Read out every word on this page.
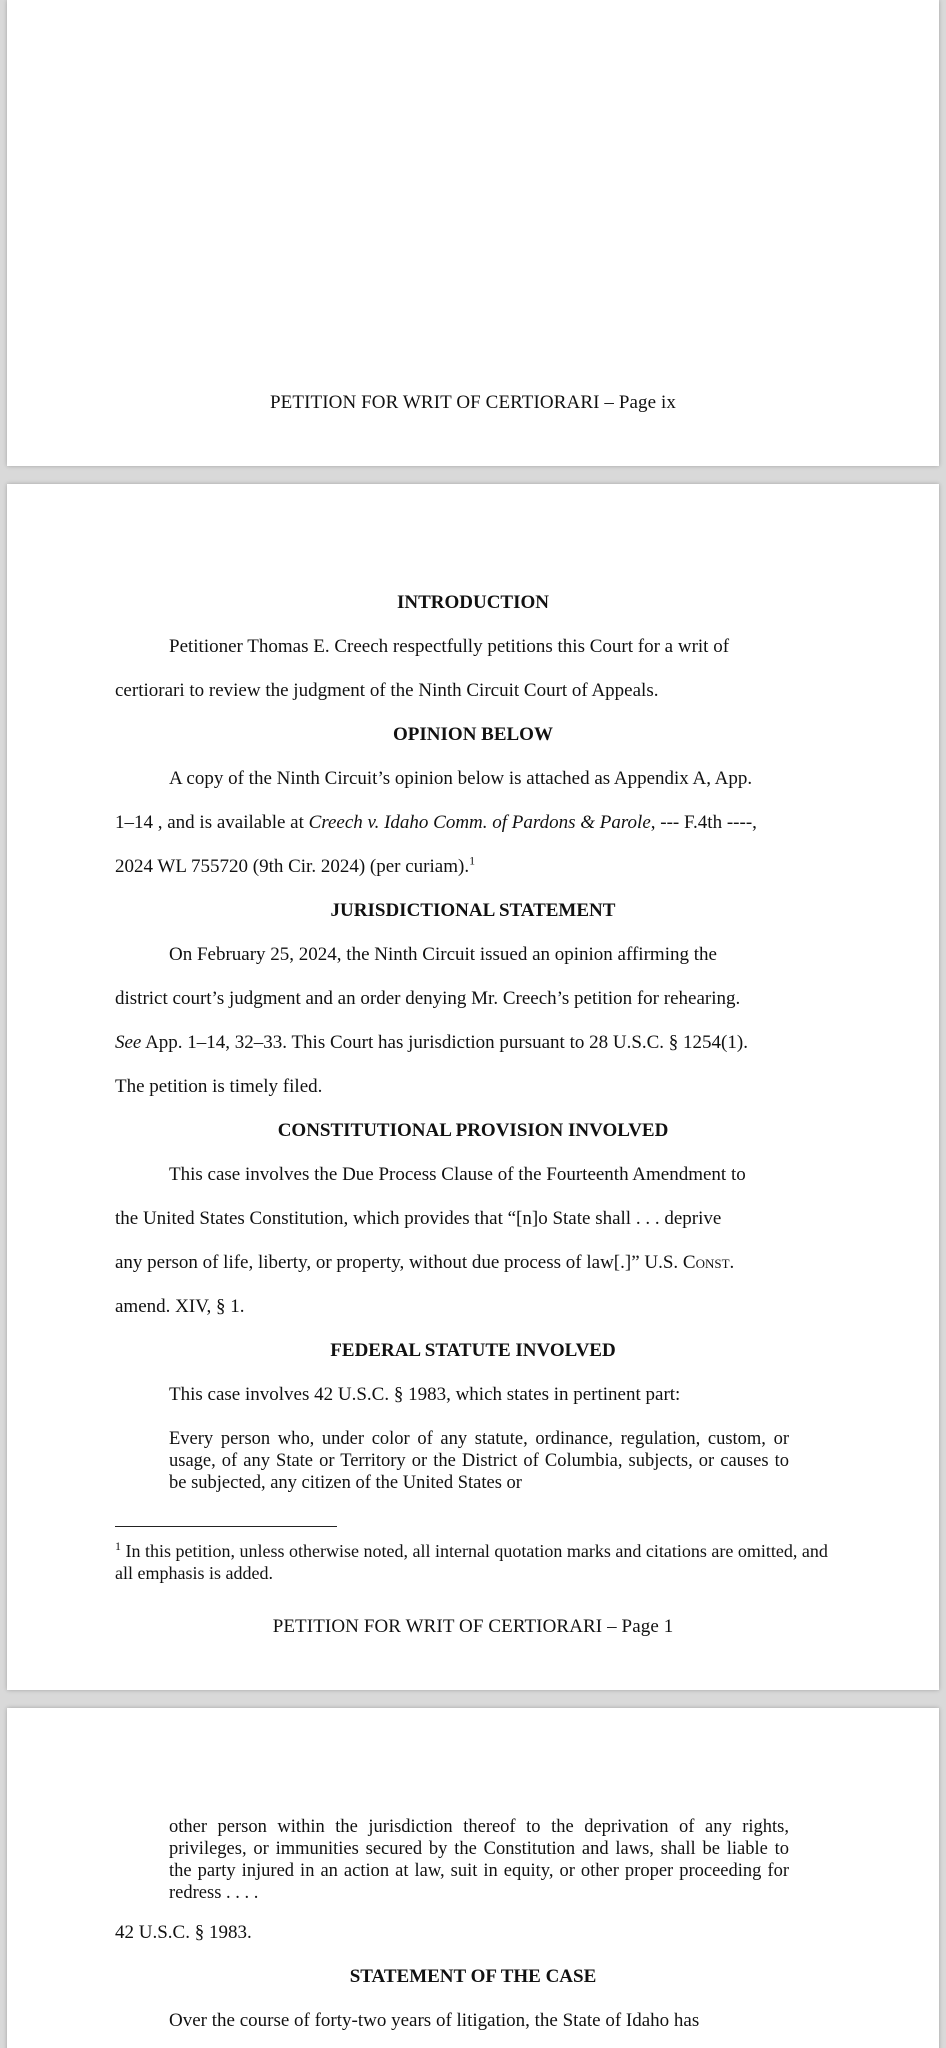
PETITION FOR WRIT OF CERTIORARI – Page ix
INTRODUCTION
Petitioner Thomas E. Creech respectfully petitions this Court for a writ of
certiorari to review the judgment of the Ninth Circuit Court of Appeals.
OPINION BELOW
A copy of the Ninth Circuit’s opinion below is attached as Appendix A, App.
1–14 , and is available at Creech v. Idaho Comm. of Pardons & Parole, --- F.4th ----,
2024 WL 755720 (9th Cir. 2024) (per curiam).$^1$
JURISDICTIONAL STATEMENT
On February 25, 2024, the Ninth Circuit issued an opinion affirming the
district court’s judgment and an order denying Mr. Creech’s petition for rehearing.
See App. 1–14, 32–33. This Court has jurisdiction pursuant to 28 U.S.C. § 1254(1).
The petition is timely filed.
CONSTITUTIONAL PROVISION INVOLVED
This case involves the Due Process Clause of the Fourteenth Amendment to
the United States Constitution, which provides that “[n]o State shall . . . deprive
any person of life, liberty, or property, without due process of law[.]” U.S. Const.
amend. XIV, § 1.
FEDERAL STATUTE INVOLVED
This case involves 42 U.S.C. § 1983, which states in pertinent part:
Every person who, under color of any statute, ordinance, regulation, custom, or usage, of any State or Territory or the District of Columbia, subjects, or causes to be subjected, any citizen of the United States or
$^1$ In this petition, unless otherwise noted, all internal quotation marks and citations are omitted, and all emphasis is added.
PETITION FOR WRIT OF CERTIORARI – Page 1
other person within the jurisdiction thereof to the deprivation of any rights, privileges, or immunities secured by the Constitution and laws, shall be liable to the party injured in an action at law, suit in equity, or other proper proceeding for redress . . . .
42 U.S.C. § 1983.
STATEMENT OF THE CASE
Over the course of forty-two years of litigation, the State of Idaho has
